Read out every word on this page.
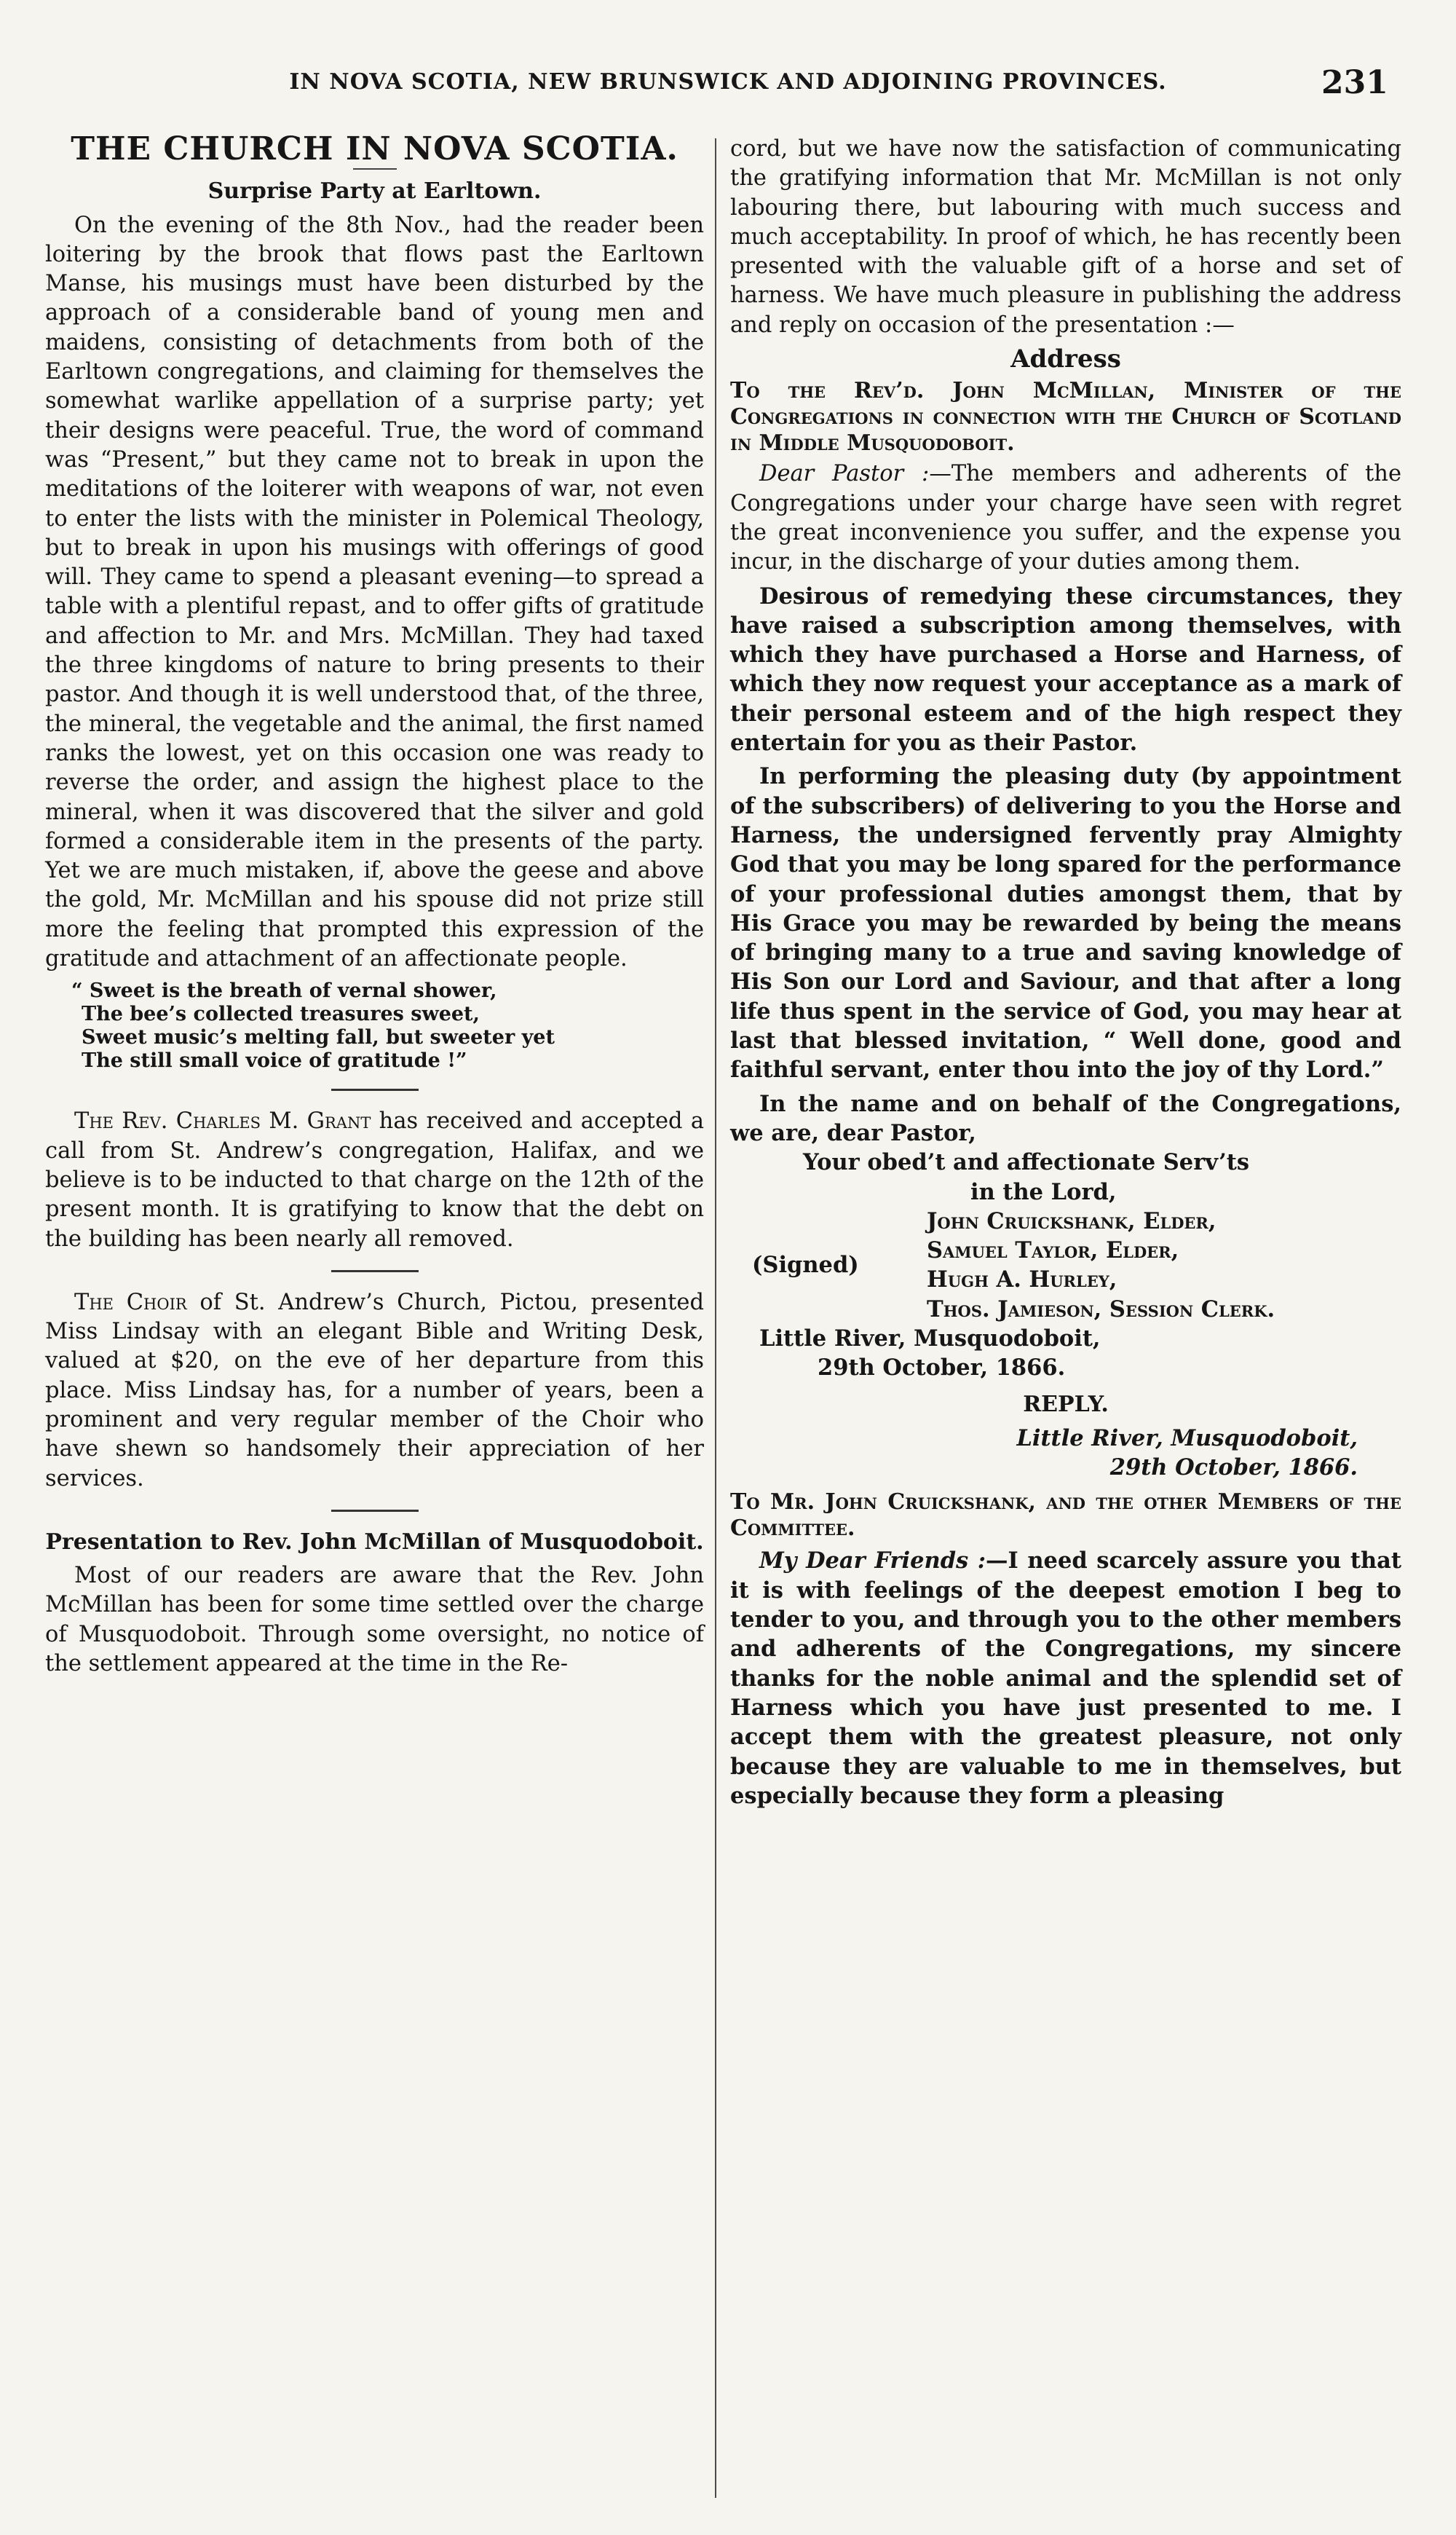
IN NOVA SCOTIA, NEW BRUNSWICK AND ADJOINING PROVINCES.	231
THE CHURCH IN NOVA SCOTIA.
Surprise Party at Earltown.

On the evening of the 8th Nov., had the reader been loitering by the brook that flows past the Earltown Manse, his musings must have been disturbed by the approach of a considerable band of young men and maidens, consisting of detachments from both of the Earltown congregations, and claiming for themselves the somewhat warlike appellation of a surprise party; yet their designs were peaceful. True, the word of command was “Present,” but they came not to break in upon the meditations of the loiterer with weapons of war, not even to enter the lists with the minister in Polemical Theology, but to break in upon his musings with offerings of good will. They came to spend a pleasant evening—to spread a table with a plentiful repast, and to offer gifts of gratitude and affection to Mr. and Mrs. McMillan. They had taxed the three kingdoms of nature to bring presents to their pastor. And though it is well understood that, of the three, the mineral, the vegetable and the animal, the first named ranks the lowest, yet on this occasion one was ready to reverse the order, and assign the highest place to the mineral, when it was discovered that the silver and gold formed a considerable item in the presents of the party. Yet we are much mistaken, if, above the geese and above the gold, Mr. McMillan and his spouse did not prize still more the feeling that prompted this expression of the gratitude and attachment of an affectionate people.

“ Sweet is the breath of vernal shower,
The bee’s collected treasures sweet,
Sweet music’s melting fall, but sweeter yet
The still small voice of gratitude !”

The Rev. Charles M. Grant has received and accepted a call from St. Andrew’s congregation, Halifax, and we believe is to be inducted to that charge on the 12th of the present month. It is gratifying to know that the debt on the building has been nearly all removed.

The Choir of St. Andrew’s Church, Pictou, presented Miss Lindsay with an elegant Bible and Writing Desk, valued at $20, on the eve of her departure from this place. Miss Lindsay has, for a number of years, been a prominent and very regular member of the Choir who have shewn so handsomely their appreciation of her services.

Presentation to Rev. John McMillan of Musquodoboit.

Most of our readers are aware that the Rev. John McMillan has been for some time settled over the charge of Musquodoboit. Through some oversight, no notice of the settlement appeared at the time in the Re-

cord, but we have now the satisfaction of communicating the gratifying information that Mr. McMillan is not only labouring there, but labouring with much success and much acceptability. In proof of which, he has recently been presented with the valuable gift of a horse and set of harness. We have much pleasure in publishing the address and reply on occasion of the presentation :—

Address

To the Rev’d. John McMillan, Minister of the Congregations in connection with the Church of Scotland in Middle Musquodoboit.

Dear Pastor :—The members and adherents of the Congregations under your charge have seen with regret the great inconvenience you suffer, and the expense you incur, in the discharge of your duties among them.

Desirous of remedying these circumstances, they have raised a subscription among themselves, with which they have purchased a Horse and Harness, of which they now request your acceptance as a mark of their personal esteem and of the high respect they entertain for you as their Pastor.

In performing the pleasing duty (by appointment of the subscribers) of delivering to you the Horse and Harness, the undersigned fervently pray Almighty God that you may be long spared for the performance of your professional duties amongst them, that by His Grace you may be rewarded by being the means of bringing many to a true and saving knowledge of His Son our Lord and Saviour, and that after a long life thus spent in the service of God, you may hear at last that blessed invitation, “ Well done, good and faithful servant, enter thou into the joy of thy Lord.”

In the name and on behalf of the Congregations, we are, dear Pastor,

Your obed’t and affectionate Serv’ts
in the Lord,
(Signed)
John Cruickshank, Elder,
Samuel Taylor, Elder,
Hugh A. Hurley,
Thos. Jamieson, Session Clerk.
Little River, Musquodoboit,
29th October, 1866.
REPLY.
Little River, Musquodoboit,
29th October, 1866.

To Mr. John Cruickshank, and the other Members of the Committee.

My Dear Friends :—I need scarcely assure you that it is with feelings of the deepest emotion I beg to tender to you, and through you to the other members and adherents of the Congregations, my sincere thanks for the noble animal and the splendid set of Harness which you have just presented to me. I accept them with the greatest pleasure, not only because they are valuable to me in themselves, but especially because they form a pleasing
